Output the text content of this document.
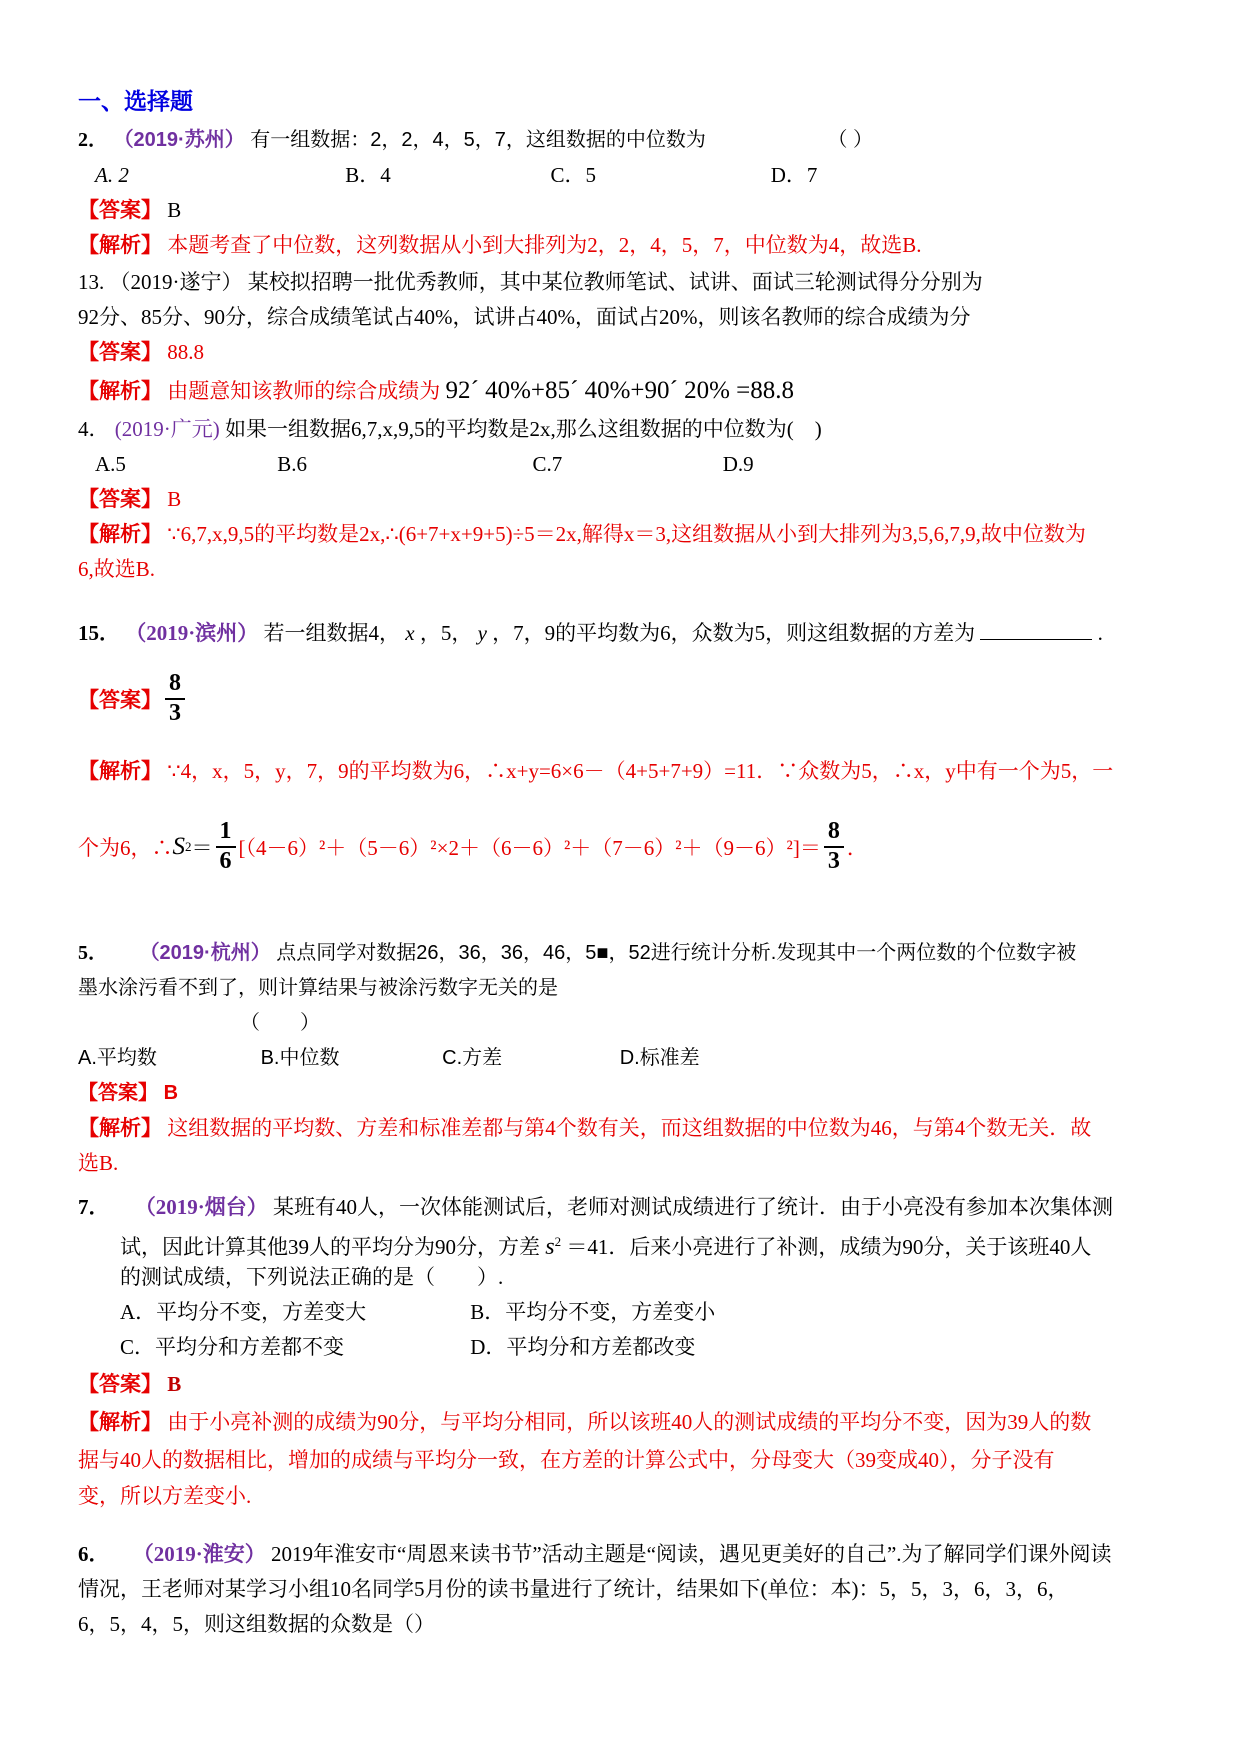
一、选择题
2． （2019·苏州） 有一组数据：2，2，4，5，7，这组数据的中位数为	（ ）
A. 2	B．4	C．5	D．7
【答案】 B
【解析】 本题考查了中位数，这列数据从小到大排列为2，2，4，5，7，中位数为4，故选B.
13. （2019·遂宁） 某校拟招聘一批优秀教师，其中某位教师笔试、试讲、面试三轮测试得分分别为
92分、85分、90分，综合成绩笔试占40%，试讲占40%，面试占20%，则该名教师的综合成绩为分
【答案】 88.8
【解析】 由题意知该教师的综合成绩为 92´ 40%+85´ 40%+90´ 20% =88.8
4． (2019·广元) 如果一组数据6,7,x,9,5的平均数是2x,那么这组数据的中位数为(　)
A.5	B.6	C.7	D.9
【答案】 B
【解析】 ∵6,7,x,9,5的平均数是2x,∴(6+7+x+9+5)÷5＝2x,解得x＝3,这组数据从小到大排列为3,5,6,7,9,故中位数为
6,故选B.
15． （2019·滨州） 若一组数据4， x ，5， y ，7，9的平均数为6，众数为5，则这组数据的方差为	.
【答案】 $\frac{8}{3}$
【解析】 ∵4，x，5，y，7，9的平均数为6，∴x+y=6×6－（4+5+7+9）=11．∵众数为5，∴x，y中有一个为5，一
个为6，∴ S $2 = \frac{1}{6} [(4-6)^2+(5-6)^2\times 2+(6-6)^2+(7-6)^2+(9-6)^2]= \frac{8}{3}$ ．
5． （2019·杭州） 点点同学对数据26，36，36，46，5■，52进行统计分析.发现其中一个两位数的个位数字被
墨水涂污看不到了，则计算结果与被涂污数字无关的是
（　　）
A.平均数	B.中位数	C.方差	D.标准差
【答案】 B
【解析】 这组数据的平均数、方差和标准差都与第4个数有关，而这组数据的中位数为46，与第4个数无关．故
选B.
7． （2019·烟台） 某班有40人，一次体能测试后，老师对测试成绩进行了统计．由于小亮没有参加本次集体测
试，因此计算其他39人的平均分为90分，方差 $s^2 =41$．后来小亮进行了补测，成绩为90分，关于该班40人
的测试成绩，下列说法正确的是（　　）.
A．平均分不变，方差变大	B．平均分不变，方差变小
C．平均分和方差都不变	D．平均分和方差都改变
【答案】 B
【解析】 由于小亮补测的成绩为90分，与平均分相同，所以该班40人的测试成绩的平均分不变，因为39人的数
据与40人的数据相比，增加的成绩与平均分一致，在方差的计算公式中，分母变大（39变成40），分子没有
变，所以方差变小.
6． （2019·淮安） 2019年淮安市“周恩来读书节”活动主题是“阅读，遇见更美好的自己”.为了解同学们课外阅读
情况，王老师对某学习小组10名同学5月份的读书量进行了统计，结果如下(单位：本)：5，5，3，6，3，6，
6，5，4，5，则这组数据的众数是（）
